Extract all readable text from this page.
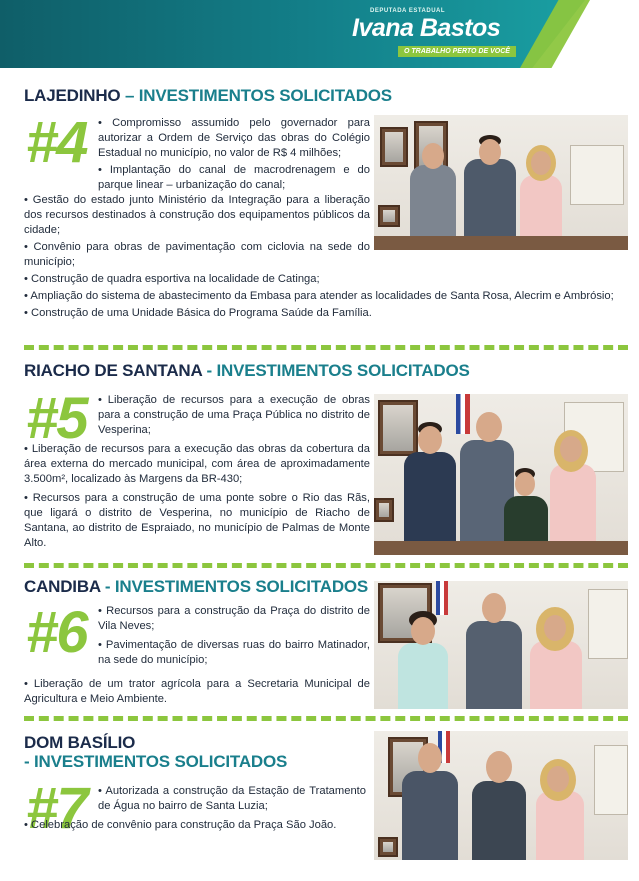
DEPUTADA ESTADUAL
Ivana Bastos
O TRABALHO PERTO DE VOCÊ
LAJEDINHO – INVESTIMENTOS SOLICITADOS
#4 • Compromisso assumido pelo governador para autorizar a Ordem de Serviço das obras do Colégio Estadual no município, no valor de R$ 4 milhões;

• Implantação do canal de macrodrenagem e do parque linear – urbanização do canal;

• Gestão do estado junto Ministério da Integração para a liberação dos recursos destinados à construção dos equipamentos públicos da cidade;

• Convênio para obras de pavimentação com ciclovia na sede do município;

• Construção de quadra esportiva na localidade de Catinga;

• Ampliação do sistema de abastecimento da Embasa para atender as localidades de Santa Rosa, Alecrim e Ambrósio;

• Construção de uma Unidade Básica do Programa Saúde da Família.

RIACHO DE SANTANA - INVESTIMENTOS SOLICITADOS
#5 • Liberação de recursos para a execução de obras para a construção de uma Praça Pública no distrito de Vesperina;

• Liberação de recursos para a execução das obras da cobertura da área externa do mercado municipal, com área de aproximadamente 3.500m², localizado às Margens da BR-430;

• Recursos para a construção de uma ponte sobre o Rio das Rãs, que ligará o distrito de Vesperina, no município de Riacho de Santana, ao distrito de Espraiado, no município de Palmas de Monte Alto.

CANDIBA - INVESTIMENTOS SOLICITADOS
#6 • Recursos para a construção da Praça do distrito de Vila Neves;

• Pavimentação de diversas ruas do bairro Matinador, na sede do município;

• Liberação de um trator agrícola para a Secretaria Municipal de Agricultura e Meio Ambiente.

DOM BASÍLIO
- INVESTIMENTOS SOLICITADOS
#7 • Autorizada a construção da Estação de Tratamento de Água no bairro de Santa Luzia;

• Celebração de convênio para construção da Praça São João.
